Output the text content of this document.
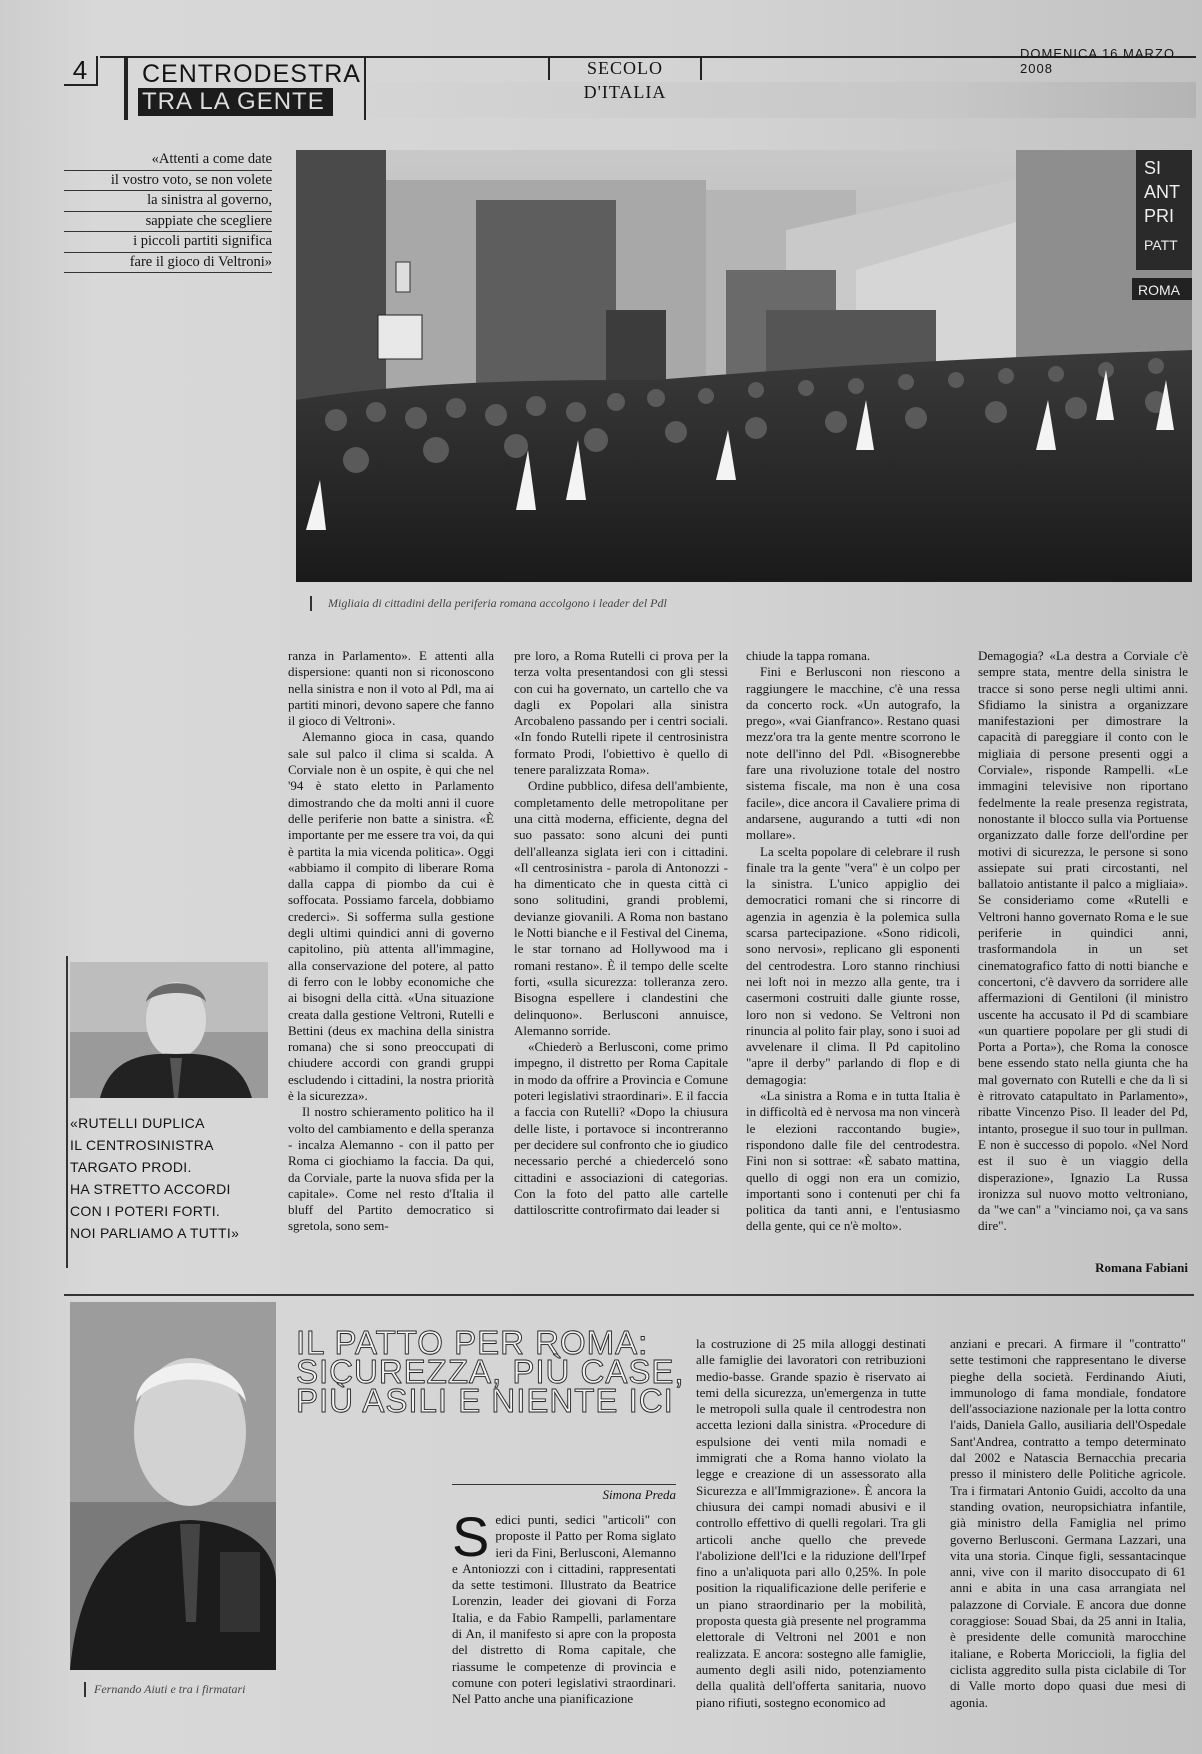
4	CENTRODESTRA
TRA LA GENTE
SECOLO D'ITALIA
DOMENICA 16 MARZO 2008
«Attenti a come date
il vostro voto, se non volete
la sinistra al governo,
sappiate che scegliere
i piccoli partiti significa
fare il gioco di Veltroni»
SI
ANT
PRI
PATT
ROMA
Migliaia di cittadini della periferia romana accolgono i leader del Pdl

ranza in Parlamento». E attenti alla dispersione: quanti non si riconoscono nella sinistra e non il voto al Pdl, ma ai partiti minori, devono sapere che fanno il gioco di Veltroni».

Alemanno gioca in casa, quando sale sul palco il clima si scalda. A Corviale non è un ospite, è qui che nel '94 è stato eletto in Parlamento dimostrando che da molti anni il cuore delle periferie non batte a sinistra. «È importante per me essere tra voi, da qui è partita la mia vicenda politica». Oggi «abbiamo il compito di liberare Roma dalla cappa di piombo da cui è soffocata. Possiamo farcela, dobbiamo crederci». Si sofferma sulla gestione degli ultimi quindici anni di governo capitolino, più attenta all'immagine, alla conservazione del potere, al patto di ferro con le lobby economiche che ai bisogni della città. «Una situazione creata dalla gestione Veltroni, Rutelli e Bettini (deus ex machina della sinistra romana) che si sono preoccupati di chiudere accordi con grandi gruppi escludendo i cittadini, la nostra priorità è la sicurezza».

Il nostro schieramento politico ha il volto del cambiamento e della speranza - incalza Alemanno - con il patto per Roma ci giochiamo la faccia. Da qui, da Corviale, parte la nuova sfida per la capitale». Come nel resto d'Italia il bluff del Partito democratico si sgretola, sono sem-

pre loro, a Roma Rutelli ci prova per la terza volta presentandosi con gli stessi con cui ha governato, un cartello che va dagli ex Popolari alla sinistra Arcobaleno passando per i centri sociali. «In fondo Rutelli ripete il centrosinistra formato Prodi, l'obiettivo è quello di tenere paralizzata Roma».

Ordine pubblico, difesa dell'ambiente, completamento delle metropolitane per una città moderna, efficiente, degna del suo passato: sono alcuni dei punti dell'alleanza siglata ieri con i cittadini. «Il centrosinistra - parola di Antonozzi - ha dimenticato che in questa città ci sono solitudini, grandi problemi, devianze giovanili. A Roma non bastano le Notti bianche e il Festival del Cinema, le star tornano ad Hollywood ma i romani restano». È il tempo delle scelte forti, «sulla sicurezza: tolleranza zero. Bisogna espellere i clandestini che delinquono». Berlusconi annuisce, Alemanno sorride.

«Chiederò a Berlusconi, come primo impegno, il distretto per Roma Capitale in modo da offrire a Provincia e Comune poteri legislativi straordinari». E il faccia a faccia con Rutelli? «Dopo la chiusura delle liste, i portavoce si incontreranno per decidere sul confronto che io giudico necessario perché a chiederceló sono cittadini e associazioni di categorias. Con la foto del patto alle cartelle dattiloscritte controfirmato dai leader si

chiude la tappa romana.

Fini e Berlusconi non riescono a raggiungere le macchine, c'è una ressa da concerto rock. «Un autografo, la prego», «vai Gianfranco». Restano quasi mezz'ora tra la gente mentre scorrono le note dell'inno del Pdl. «Bisognerebbe fare una rivoluzione totale del nostro sistema fiscale, ma non è una cosa facile», dice ancora il Cavaliere prima di andarsene, augurando a tutti «di non mollare».

La scelta popolare di celebrare il rush finale tra la gente "vera" è un colpo per la sinistra. L'unico appiglio dei democratici romani che si rincorre di agenzia in agenzia è la polemica sulla scarsa partecipazione. «Sono ridicoli, sono nervosi», replicano gli esponenti del centrodestra. Loro stanno rinchiusi nei loft noi in mezzo alla gente, tra i casermoni costruiti dalle giunte rosse, loro non si vedono. Se Veltroni non rinuncia al polito fair play, sono i suoi ad avvelenare il clima. Il Pd capitolino "apre il derby" parlando di flop e di demagogia:

«La sinistra a Roma e in tutta Italia è in difficoltà ed è nervosa ma non vincerà le elezioni raccontando bugie», rispondono dalle file del centrodestra. Fini non si sottrae: «È sabato mattina, quello di oggi non era un comizio, importanti sono i contenuti per chi fa politica da tanti anni, e l'entusiasmo della gente, qui ce n'è molto».

Demagogia? «La destra a Corviale c'è sempre stata, mentre della sinistra le tracce si sono perse negli ultimi anni. Sfidiamo la sinistra a organizzare manifestazioni per dimostrare la capacità di pareggiare il conto con le migliaia di persone presenti oggi a Corviale», risponde Rampelli. «Le immagini televisive non riportano fedelmente la reale presenza registrata, nonostante il blocco sulla via Portuense organizzato dalle forze dell'ordine per motivi di sicurezza, le persone si sono assiepate sui prati circostanti, nel ballatoio antistante il palco a migliaia». Se consideriamo come «Rutelli e Veltroni hanno governato Roma e le sue periferie in quindici anni, trasformandola in un set cinematografico fatto di notti bianche e concertoni, c'è davvero da sorridere alle affermazioni di Gentiloni (il ministro uscente ha accusato il Pd di scambiare «un quartiere popolare per gli studi di Porta a Porta»), che Roma la conosce bene essendo stato nella giunta che ha mal governato con Rutelli e che da lì si è ritrovato catapultato in Parlamento», ribatte Vincenzo Piso. Il leader del Pd, intanto, prosegue il suo tour in pullman. E non è successo di popolo. «Nel Nord est il suo è un viaggio della disperazione», Ignazio La Russa ironizza sul nuovo motto veltroniano, da "we can" a "vinciamo noi, ça va sans dire".

Romana Fabiani
«RUTELLI DUPLICA
IL CENTROSINISTRA
TARGATO PRODI.
HA STRETTO ACCORDI
CON I POTERI FORTI.
NOI PARLIAMO A TUTTI»
Fernando Aiuti e tra i firmatari
IL PATTO PER ROMA:
SICUREZZA, PIÙ CASE,
PIÙ ASILI E NIENTE ICI
Simona Preda
S edici punti, sedici "articoli" con proposte il Patto per Roma siglato ieri da Fini, Berlusconi, Alemanno e Antoniozzi con i cittadini, rappresentati da sette testimoni. Illustrato da Beatrice Lorenzin, leader dei giovani di Forza Italia, e da Fabio Rampelli, parlamentare di An, il manifesto si apre con la proposta del distretto di Roma capitale, che riassume le competenze di provincia e comune con poteri legislativi straordinari. Nel Patto anche una pianificazione

la costruzione di 25 mila alloggi destinati alle famiglie dei lavoratori con retribuzioni medio-basse. Grande spazio è riservato ai temi della sicurezza, un'emergenza in tutte le metropoli sulla quale il centrodestra non accetta lezioni dalla sinistra. «Procedure di espulsione dei venti mila nomadi e immigrati che a Roma hanno violato la legge e creazione di un assessorato alla Sicurezza e all'Immigrazione». È ancora la chiusura dei campi nomadi abusivi e il controllo effettivo di quelli regolari. Tra gli articoli anche quello che prevede l'abolizione dell'Ici e la riduzione dell'Irpef fino a un'aliquota pari allo 0,25%. In pole position la riqualificazione delle periferie e un piano straordinario per la mobilità, proposta questa già presente nel programma elettorale di Veltroni nel 2001 e non realizzata. E ancora: sostegno alle famiglie, aumento degli asili nido, potenziamento della qualità dell'offerta sanitaria, nuovo piano rifiuti, sostegno economico ad

anziani e precari. A firmare il "contratto" sette testimoni che rappresentano le diverse pieghe della società. Ferdinando Aiuti, immunologo di fama mondiale, fondatore dell'associazione nazionale per la lotta contro l'aids, Daniela Gallo, ausiliaria dell'Ospedale Sant'Andrea, contratto a tempo determinato dal 2002 e Natascia Bernacchia precaria presso il ministero delle Politiche agricole. Tra i firmatari Antonio Guidi, accolto da una standing ovation, neuropsichiatra infantile, già ministro della Famiglia nel primo governo Berlusconi. Germana Lazzari, una vita una storia. Cinque figli, sessantacinque anni, vive con il marito disoccupato di 61 anni e abita in una casa arrangiata nel palazzone di Corviale. E ancora due donne coraggiose: Souad Sbai, da 25 anni in Italia, è presidente delle comunità marocchine italiane, e Roberta Moriccioli, la figlia del ciclista aggredito sulla pista ciclabile di Tor di Valle morto dopo quasi due mesi di agonia.
